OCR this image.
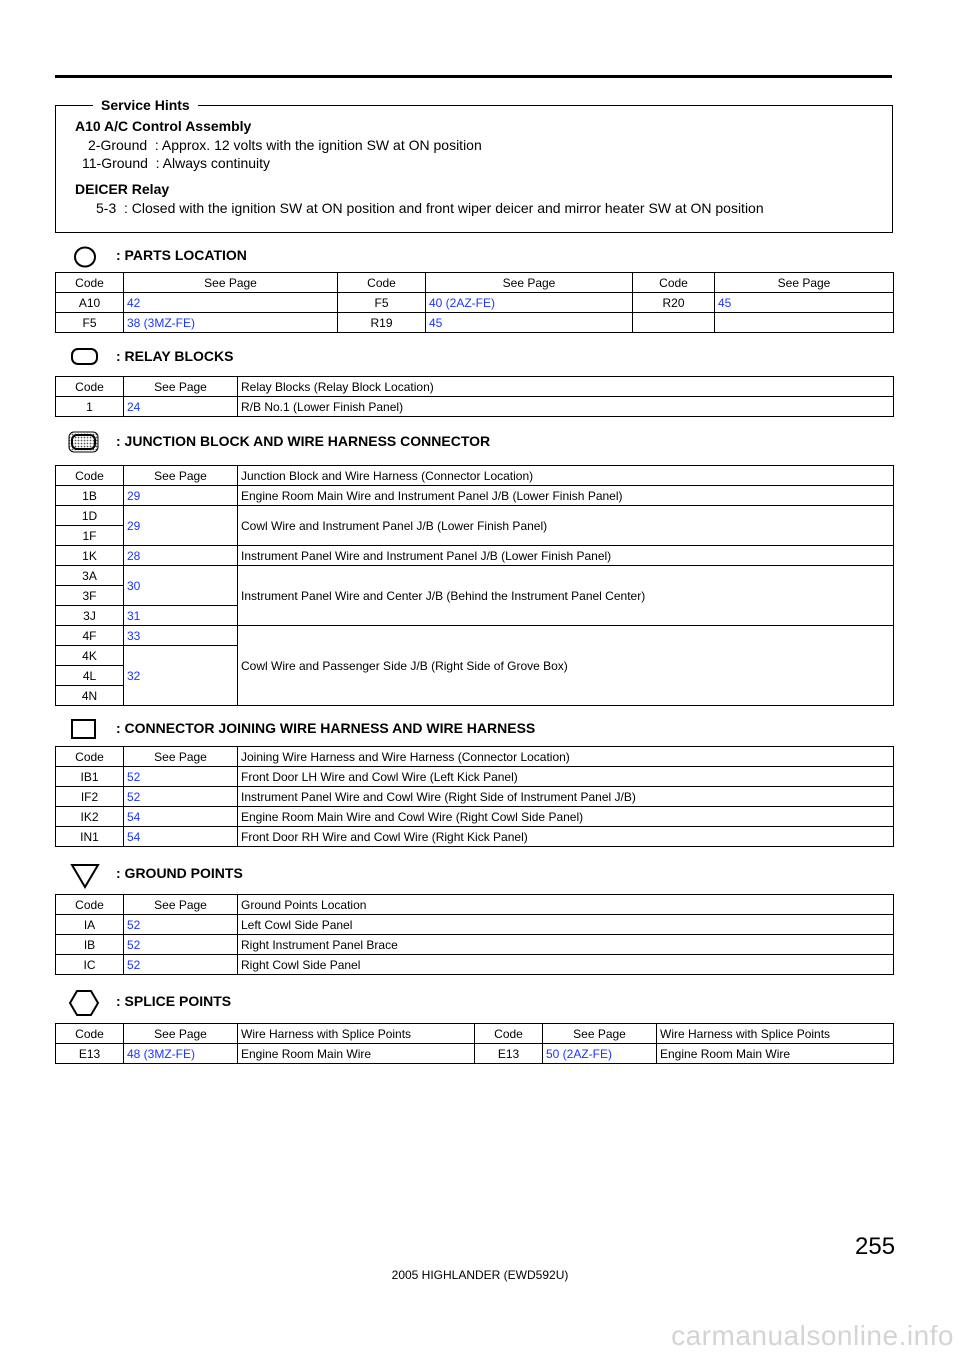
Service Hints
A10 A/C Control Assembly
2-Ground  : Approx. 12 volts with the ignition SW at ON position
11-Ground  : Always continuity
DEICER Relay
5-3  : Closed with the ignition SW at ON position and front wiper deicer and mirror heater SW at ON position
: PARTS LOCATION
Code	See Page	Code	See Page	Code	See Page
A10	42	F5	40 (2AZ-FE)	R20	45
F5	38 (3MZ-FE)	R19	45		
: RELAY BLOCKS
Code	See Page	Relay Blocks (Relay Block Location)
1	24	R/B No.1 (Lower Finish Panel)
: JUNCTION BLOCK AND WIRE HARNESS CONNECTOR
Code	See Page	Junction Block and Wire Harness (Connector Location)
1B	29	Engine Room Main Wire and Instrument Panel J/B (Lower Finish Panel)
1D	29	Cowl Wire and Instrument Panel J/B (Lower Finish Panel)
1F		
1K	28	Instrument Panel Wire and Instrument Panel J/B (Lower Finish Panel)
3A	30	Instrument Panel Wire and Center J/B (Behind the Instrument Panel Center)
3F		
3J	31	
4F	33	Cowl Wire and Passenger Side J/B (Right Side of Grove Box)
4K	32	
4L		
4N		
: CONNECTOR JOINING WIRE HARNESS AND WIRE HARNESS
Code	See Page	Joining Wire Harness and Wire Harness (Connector Location)
IB1	52	Front Door LH Wire and Cowl Wire (Left Kick Panel)
IF2	52	Instrument Panel Wire and Cowl Wire (Right Side of Instrument Panel J/B)
IK2	54	Engine Room Main Wire and Cowl Wire (Right Cowl Side Panel)
IN1	54	Front Door RH Wire and Cowl Wire (Right Kick Panel)
: GROUND POINTS
Code	See Page	Ground Points Location
IA	52	Left Cowl Side Panel
IB	52	Right Instrument Panel Brace
IC	52	Right Cowl Side Panel
: SPLICE POINTS
Code	See Page	Wire Harness with Splice Points	Code	See Page	Wire Harness with Splice Points
E13	48 (3MZ-FE)	Engine Room Main Wire	E13	50 (2AZ-FE)	Engine Room Main Wire
255
2005 HIGHLANDER (EWD592U)
carmanualsonline.info
